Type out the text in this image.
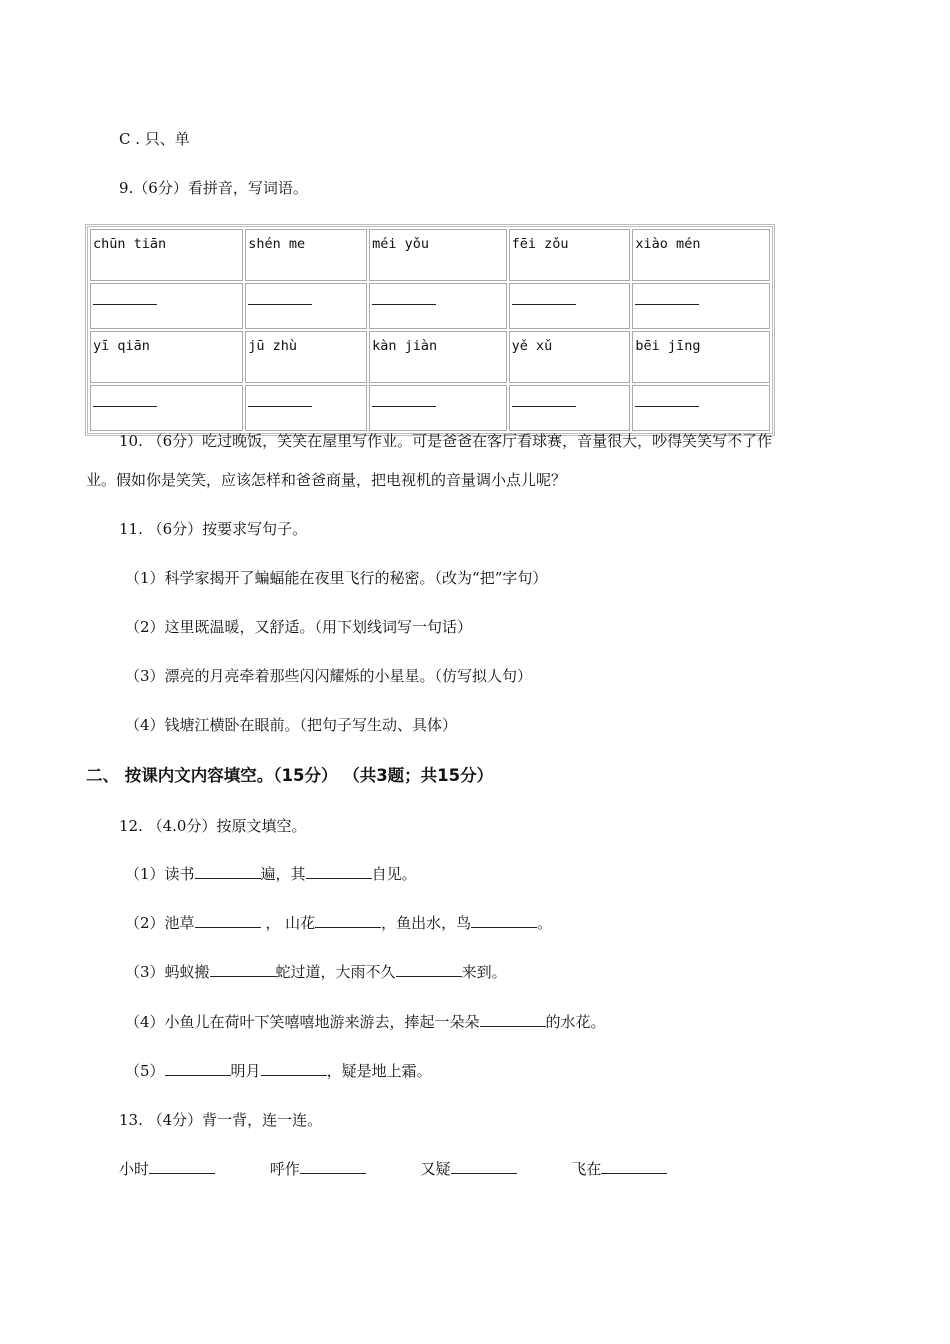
C . 只、单
9.（6分）看拼音，写词语。
chūn tiān	shén me	méi yǒu	fēi zǒu	xiào mén

yī qiān	jū zhù	kàn jiàn	yě xǔ	bēi jīng

10. （6分）吃过晚饭，笑笑在屋里写作业。可是爸爸在客厅看球赛，音量很大，吵得笑笑写不了作
业。假如你是笑笑，应该怎样和爸爸商量，把电视机的音量调小点儿呢？
11. （6分）按要求写句子。
（1）科学家揭开了蝙蝠能在夜里飞行的秘密。（改为“把”字句）
（2）这里既温暖，又舒适。（用下划线词写一句话）
（3）漂亮的月亮牵着那些闪闪耀烁的小星星。（仿写拟人句）
（4）钱塘江横卧在眼前。（把句子写生动、具体）
二、 按课内文内容填空。（15分） （共3题；共15分）
12. （4.0分）按原文填空。
（1）读书	遍，其	自见。
（2）池草	， 山花	，鱼出水，鸟	。
（3）蚂蚁搬	蛇过道，大雨不久	来到。
（4）小鱼儿在荷叶下笑嘻嘻地游来游去，捧起一朵朵	的水花。
（5）	明月	，疑是地上霜。
13. （4分）背一背，连一连。
小时	呼作	又疑	飞在
